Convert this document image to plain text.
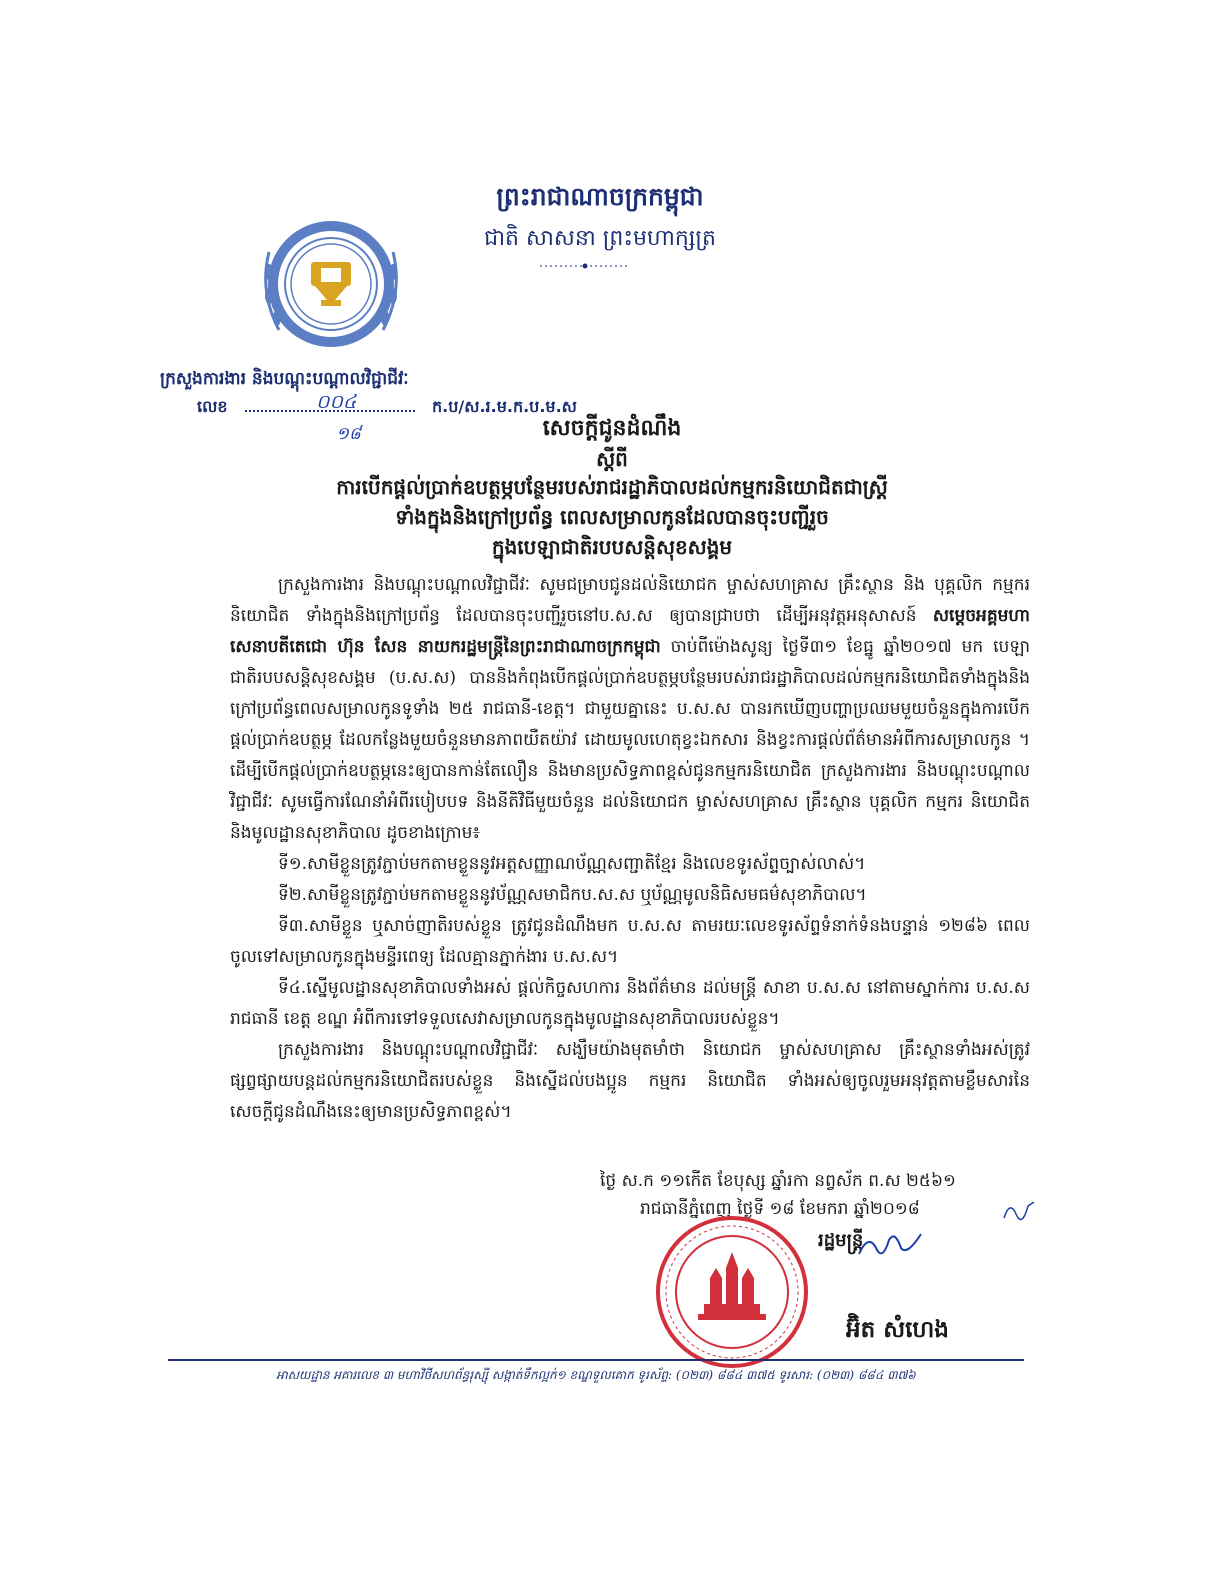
ព្រះរាជាណាចក្រកម្ពុជា
ជាតិ សាសនា ព្រះមហាក្សត្រ
ក្រសួងការងារ និងបណ្តុះបណ្តាលវិជ្ជាជីវៈ
លេខ	០០៤
១៨
ក.ប/ស.រ.ម.ក.ប.ម.ស
សេចក្តីជូនដំណឹង
ស្តីពី
ការបើកផ្តល់ប្រាក់ឧបត្ថម្ភបន្ថែមរបស់រាជរដ្ឋាភិបាលដល់កម្មករនិយោជិតជាស្ត្រី
ទាំងក្នុងនិងក្រៅប្រព័ន្ធ ពេលសម្រាលកូនដែលបានចុះបញ្ជីរួច
ក្នុងបេឡាជាតិរបបសន្តិសុខសង្គម

ក្រសួងការងារ និងបណ្តុះបណ្តាលវិជ្ជាជីវៈ សូមជម្រាបជូនដល់និយោជក ម្ចាស់សហគ្រាស គ្រឹះស្ថាន និង បុគ្គលិក កម្មករ និយោជិត ទាំងក្នុងនិងក្រៅប្រព័ន្ធ ដែលបានចុះបញ្ជីរួចនៅប.ស.ស ឲ្យបានជ្រាបថា ដើម្បីអនុវត្តអនុសាសន៍ សម្តេចអគ្គមហាសេនាបតីតេជោ ហ៊ុន សែន នាយករដ្ឋមន្ត្រីនៃព្រះរាជាណាចក្រកម្ពុជា ចាប់ពីម៉ោងសូន្យ ថ្ងៃទី៣១ ខែធ្នូ ឆ្នាំ២០១៧ មក បេឡាជាតិរបបសន្តិសុខសង្គម (ប.ស.ស) បាននិងកំពុងបើកផ្តល់ប្រាក់ឧបត្ថម្ភបន្ថែមរបស់រាជរដ្ឋាភិបាលដល់កម្មករនិយោជិតទាំងក្នុងនិងក្រៅប្រព័ន្ធពេលសម្រាលកូនទូទាំង ២៥ រាជធានី-ខេត្ត។ ជាមួយគ្នានេះ ប.ស.ស បានរកឃើញបញ្ហាប្រឈមមួយចំនួនក្នុងការបើកផ្តល់ប្រាក់ឧបត្ថម្ភ ដែលកន្លែងមួយចំនួនមានភាពយឺតយ៉ាវ ដោយមូលហេតុខ្វះឯកសារ និងខ្វះការផ្តល់ព័ត៌មានអំពីការសម្រាលកូន ។ ដើម្បីបើកផ្តល់ប្រាក់ឧបត្ថម្ភនេះឲ្យបានកាន់តែលឿន និងមានប្រសិទ្ធភាពខ្ពស់ជូនកម្មករនិយោជិត ក្រសួងការងារ និងបណ្តុះបណ្តាលវិជ្ជាជីវៈ សូមធ្វើការណែនាំអំពីរបៀបបទ និងនីតិវិធីមួយចំនួន ដល់និយោជក ម្ចាស់សហគ្រាស គ្រឹះស្ថាន បុគ្គលិក កម្មករ និយោជិត និងមូលដ្ឋានសុខាភិបាល ដូចខាងក្រោម៖

ទី១.សាមីខ្លួនត្រូវភ្ជាប់មកតាមខ្លួននូវអត្តសញ្ញាណប័ណ្ណសញ្ជាតិខ្មែរ និងលេខទូរស័ព្ទច្បាស់លាស់។

ទី២.សាមីខ្លួនត្រូវភ្ជាប់មកតាមខ្លួននូវប័ណ្ណសមាជិកប.ស.ស ឬប័ណ្ណមូលនិធិសមធម៌សុខាភិបាល។

ទី៣.សាមីខ្លួន ឬសាច់ញាតិរបស់ខ្លួន ត្រូវជូនដំណឹងមក ប.ស.ស តាមរយៈលេខទូរស័ព្ទទំនាក់ទំនងបន្ទាន់ ១២៨៦ ពេលចូលទៅសម្រាលកូនក្នុងមន្ទីរពេទ្យ ដែលគ្មានភ្នាក់ងារ ប.ស.ស។

ទី៤.ស្នើមូលដ្ឋានសុខាភិបាលទាំងអស់ ផ្តល់កិច្ចសហការ និងព័ត៌មាន ដល់មន្ត្រី សាខា ប.ស.ស នៅតាមស្នាក់ការ ប.ស.ស រាជធានី ខេត្ត ខណ្ឌ អំពីការទៅទទួលសេវាសម្រាលកូនក្នុងមូលដ្ឋានសុខាភិបាលរបស់ខ្លួន។

ក្រសួងការងារ និងបណ្តុះបណ្តាលវិជ្ជាជីវៈ សង្ឃឹមយ៉ាងមុតមាំថា និយោជក ម្ចាស់សហគ្រាស គ្រឹះស្ថានទាំងអស់ត្រូវផ្សព្វផ្សាយបន្តដល់កម្មករនិយោជិតរបស់ខ្លួន និងស្នើដល់បងប្អូន កម្មករ និយោជិត ទាំងអស់ឲ្យចូលរួមអនុវត្តតាមខ្លឹមសារនៃសេចក្តីជូនដំណឹងនេះឲ្យមានប្រសិទ្ធភាពខ្ពស់។

ថ្ងៃ ស.ក ១១កើត ខែបុស្ស ឆ្នាំរកា នព្វស័ក ព.ស ២៥៦១
រាជធានីភ្នំពេញ ថ្ងៃទី ១៨ ខែមករា ឆ្នាំ២០១៨
រដ្ឋមន្ត្រី
អ៊ិត សំហេង
អាសយដ្ឋាន អគារលេខ ៣ មហាវិថីសហព័ន្ធរុស្ស៊ី សង្កាត់ទឹកល្អក់១ ខណ្ឌទួលគោក ទូរស័ព្ទ: (០២៣) ៨៨៤ ៣៧៥ ទូរសារ: (០២៣) ៨៨៤ ៣៧៦
